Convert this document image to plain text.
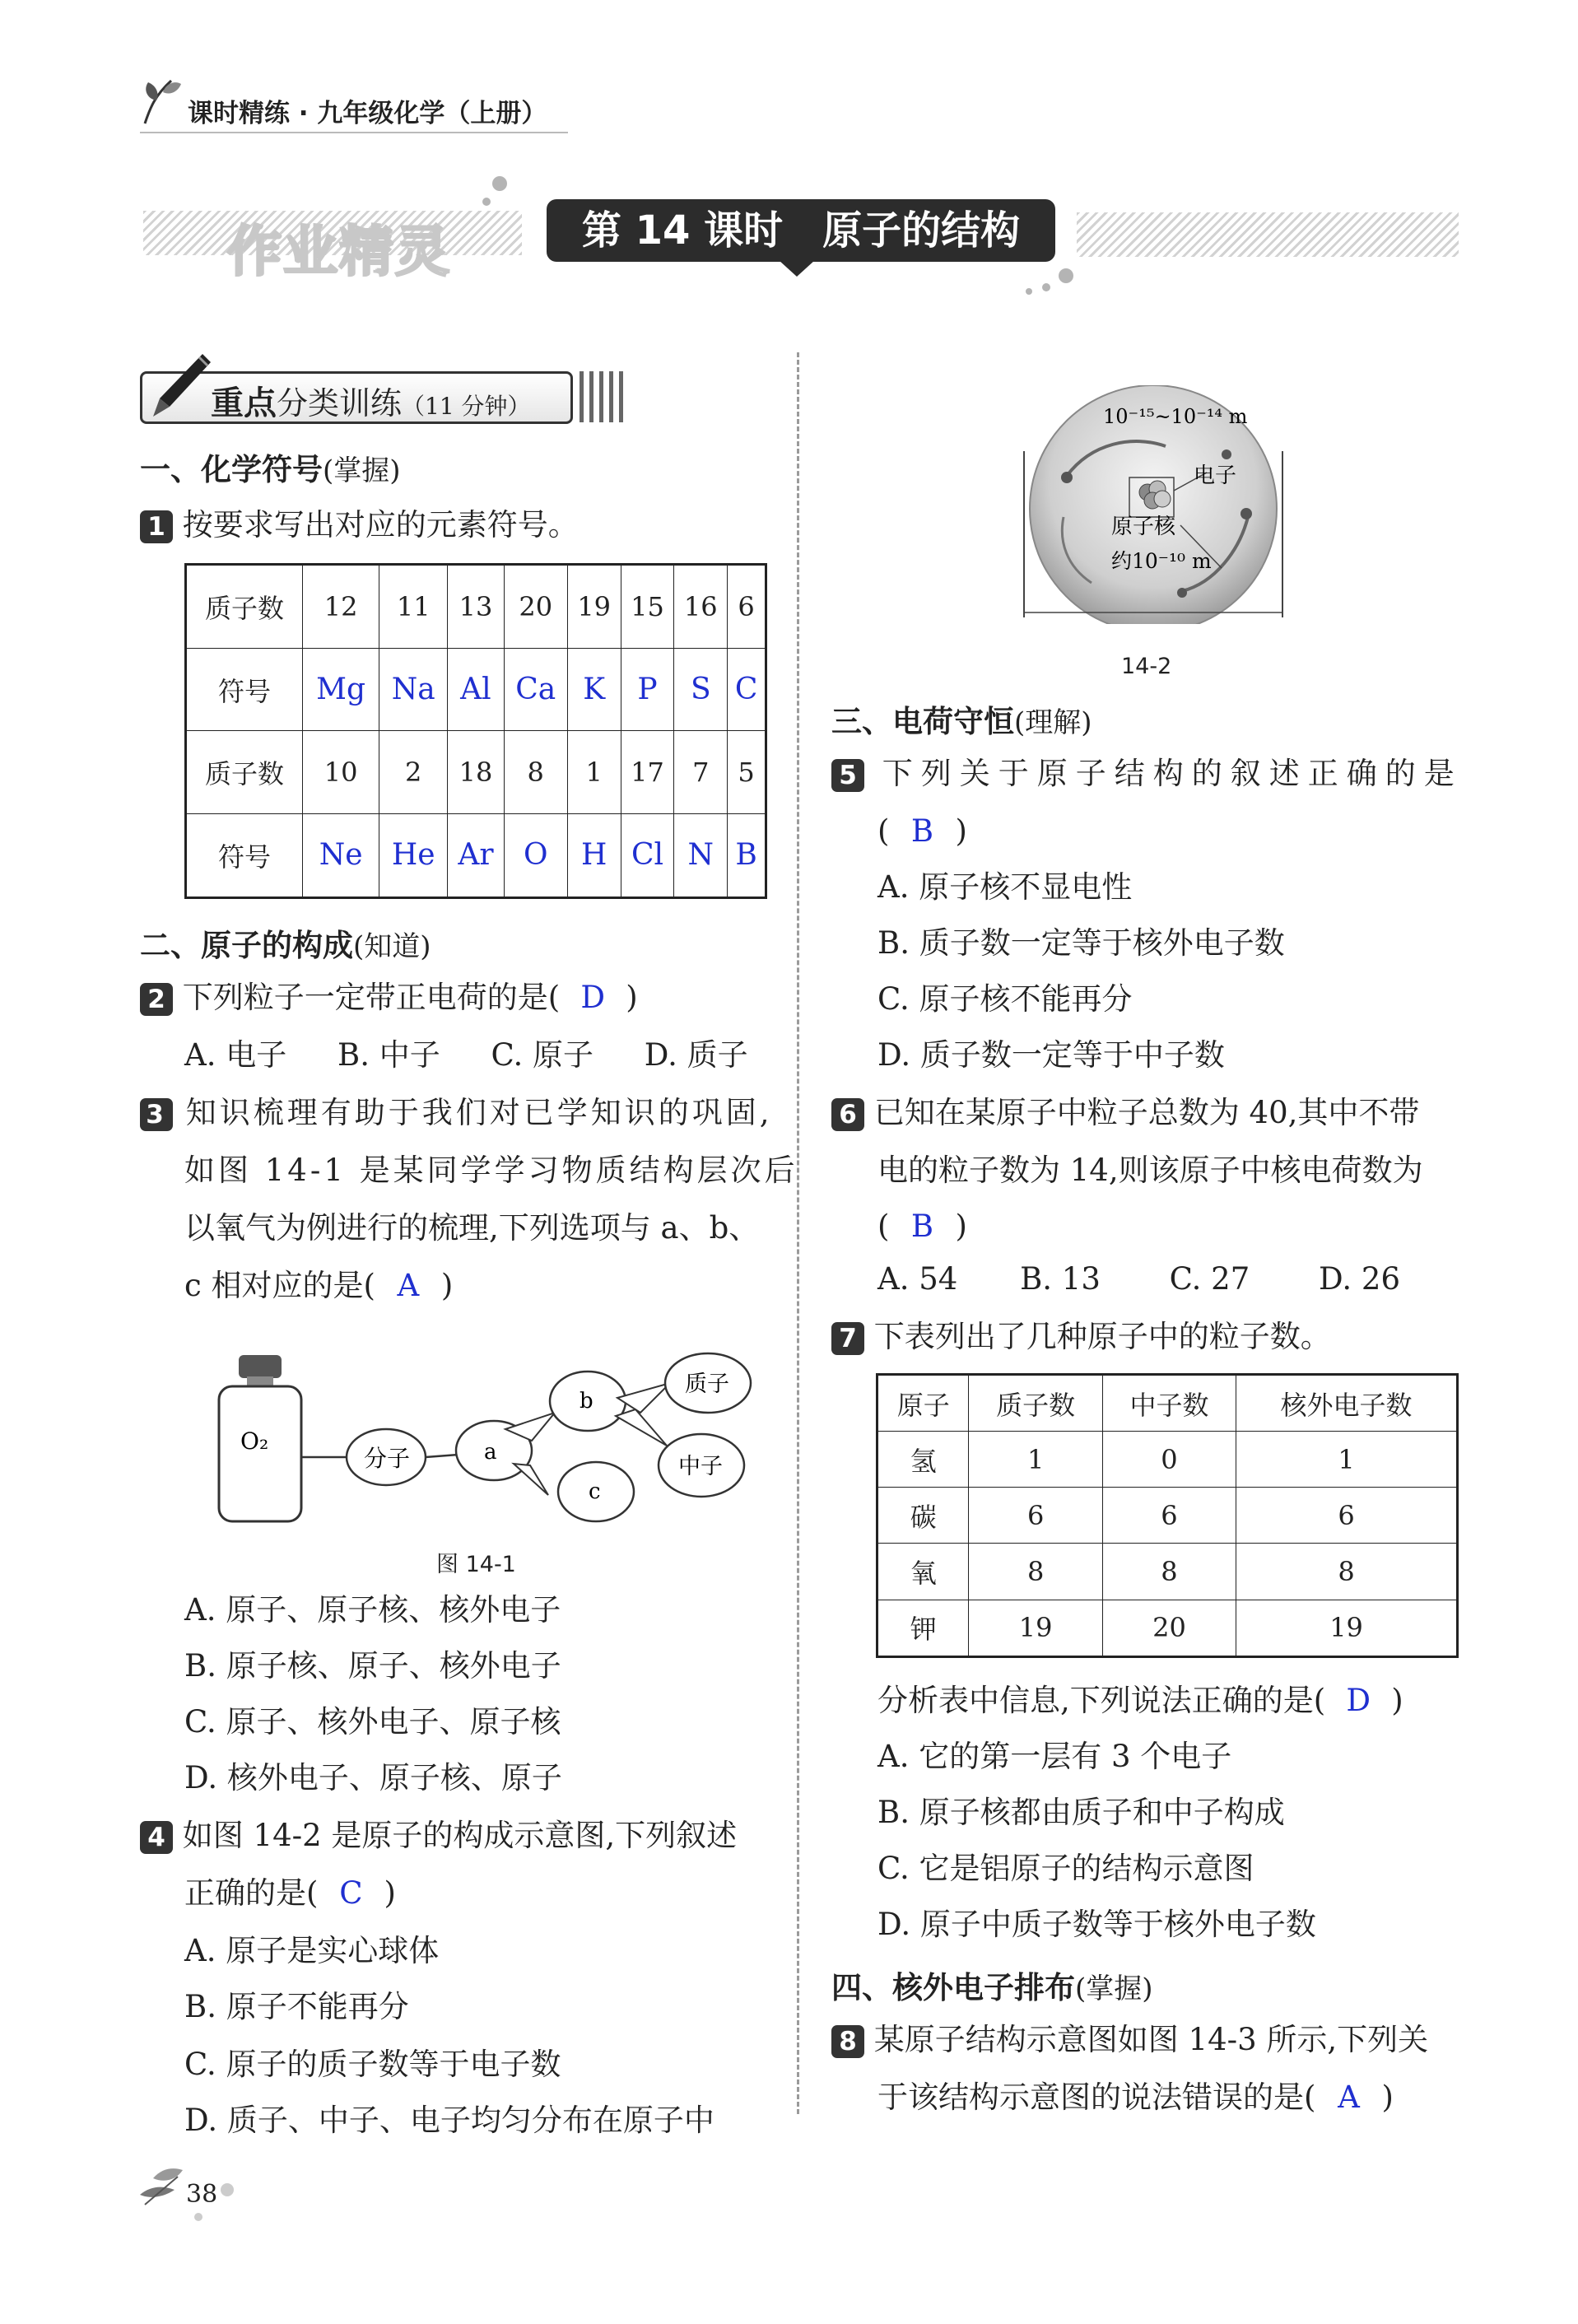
课时精练 · 九年级化学（上册）
作业精灵	第 14 课时　原子的结构
重点分类训练（11 分钟）
一、化学符号(掌握)
1 按要求写出对应的元素符号。
质子数	12	11	13	20	19	15	16	6
符号	Mg	Na	Al	Ca	K	P	S	C
质子数	10	2	18	8	1	17	7	5
符号	Ne	He	Ar	O	H	Cl	N	B
二、原子的构成(知道)
2 下列粒子一定带正电荷的是( D )
A. 电子 B. 中子 C. 原子 D. 质子
3 知识梳理有助于我们对已学知识的巩固,
如图 14-1 是某同学学习物质结构层次后
以氧气为例进行的梳理,下列选项与 a、b、
c 相对应的是( A )
O₂
分子	a
b
c
质子
中子
图 14-1
A. 原子、原子核、核外电子
B. 原子核、原子、核外电子
C. 原子、核外电子、原子核
D. 核外电子、原子核、原子
4 如图 14-2 是原子的构成示意图,下列叙述
正确的是( C )
A. 原子是实心球体
B. 原子不能再分
C. 原子的质子数等于电子数
D. 质子、中子、电子均匀分布在原子中
10⁻¹⁵~10⁻¹⁴ m
电子
原子核
约10⁻¹⁰ m
14-2
三、电荷守恒(理解)
5 下列关于原子结构的叙述正确的是
( B )
A. 原子核不显电性
B. 质子数一定等于核外电子数
C. 原子核不能再分
D. 质子数一定等于中子数
6 已知在某原子中粒子总数为 40,其中不带
电的粒子数为 14,则该原子中核电荷数为
( B )
A. 54 B. 13 C. 27 D. 26
7 下表列出了几种原子中的粒子数。
原子	质子数	中子数	核外电子数
氢	1	0	1
碳	6	6	6
氧	8	8	8
钾	19	20	19
分析表中信息,下列说法正确的是( D )
A. 它的第一层有 3 个电子
B. 原子核都由质子和中子构成
C. 它是铝原子的结构示意图
D. 原子中质子数等于核外电子数
四、核外电子排布(掌握)
8 某原子结构示意图如图 14-3 所示,下列关
于该结构示意图的说法错误的是( A )
38
